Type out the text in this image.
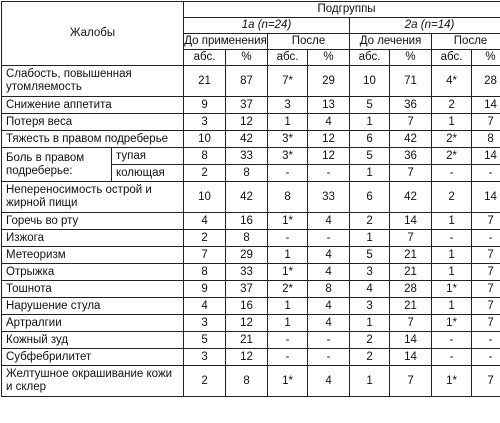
Жалобы		Подгруппы							
		1а (n=24)				2а (n=14)			
		До применения		После		До лечения		После	
		абс.	%	абс.	%	абс.	%	абс.	%
Слабость, повышенная утомляемость		21	87	7*	29	10	71	4*	28
Снижение аппетита		9	37	3	13	5	36	2	14
Потеря веса		3	12	1	4	1	7	1	7
Тяжесть в правом подреберье		10	42	3*	12	6	42	2*	8
Боль в правом подреберье:	тупая	8	33	3*	12	5	36	2*	14
	колющая	2	8	-	-	1	7	-	-
Непереносимость острой и жирной пищи		10	42	8	33	6	42	2	14
Горечь во рту		4	16	1*	4	2	14	1	7
Изжога		2	8	-	-	1	7	-	-
Метеоризм		7	29	1	4	5	21	1	7
Отрыжка		8	33	1*	4	3	21	1	7
Тошнота		9	37	2*	8	4	28	1*	7
Нарушение стула		4	16	1	4	3	21	1	7
Артралгии		3	12	1	4	1	7	1*	7
Кожный зуд		5	21	-	-	2	14	-	-
Субфебрилитет		3	12	-	-	2	14	-	-
Желтушное окрашивание кожи и склер		2	8	1*	4	1	7	1*	7
